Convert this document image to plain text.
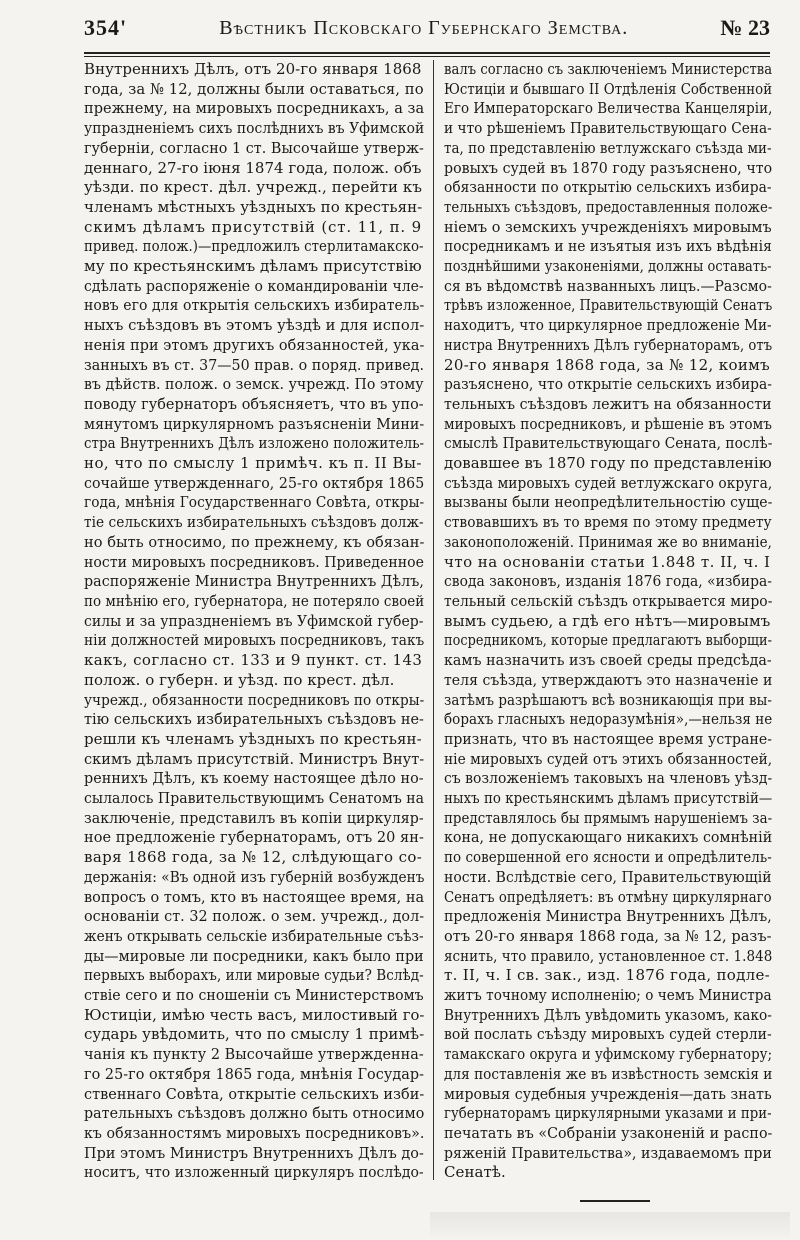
354'	Вѣстникъ Псковскаго Губернскаго Земства.	№ 23
Внутреннихъ Дѣлъ, отъ 20-го января 1868
года, за № 12, должны были оставаться, по
прежнему, на мировыхъ посредникахъ, а за
упраздненіемъ сихъ послѣднихъ въ Уфимской
губерніи, согласно 1 ст. Высочайше утверж-
деннаго, 27-го іюня 1874 года, полож. объ
уѣзди. по крест. дѣл. учрежд., перейти къ
членамъ мѣстныхъ уѣздныхъ по крестьян-
скимъ дѣламъ присутствій (ст. 11, п. 9
привед. полож.)—предложилъ стерлитамакско-
му по крестьянскимъ дѣламъ присутствію
сдѣлать распоряженіе о командированіи чле-
новъ его для открытія сельскихъ избиратель-
ныхъ съѣздовъ въ этомъ уѣздѣ и для испол-
ненія при этомъ другихъ обязанностей, ука-
занныхъ въ ст. 37—50 прав. о поряд. привед.
въ дѣйств. полож. о земск. учрежд. По этому
поводу губернаторъ объясняетъ, что въ упо-
мянутомъ циркулярномъ разъясненіи Мини-
стра Внутреннихъ Дѣлъ изложено положитель-
но, что по смыслу 1 примѣч. къ п. II Вы-
сочайше утвержденнаго, 25-го октября 1865
года, мнѣнія Государственнаго Совѣта, откры-
тіе сельскихъ избирательныхъ съѣздовъ долж-
но быть относимо, по прежнему, къ обязан-
ности мировыхъ посредниковъ. Приведенное
распоряженіе Министра Внутреннихъ Дѣлъ,
по мнѣнію его, губернатора, не потеряло своей
силы и за упраздненіемъ въ Уфимской губер-
ніи должностей мировыхъ посредниковъ, такъ
какъ, согласно ст. 133 и 9 пункт. ст. 143
полож. о губерн. и уѣзд. по крест. дѣл.
учрежд., обязанности посредниковъ по откры-
тію сельскихъ избирательныхъ съѣздовъ не-
решли къ членамъ уѣздныхъ по крестьян-
скимъ дѣламъ присутствій. Министръ Внут-
реннихъ Дѣлъ, къ коему настоящее дѣло но-
сылалось Правительствующимъ Сенатомъ на
заключеніе, представилъ въ копіи циркуляр-
ное предложеніе губернаторамъ, отъ 20 ян-
варя 1868 года, за № 12, слѣдующаго со-
держанія: «Въ одной изъ губерній возбужденъ
вопросъ о томъ, кто въ настоящее время, на
основаніи ст. 32 полож. о зем. учрежд., дол-
женъ открывать сельскіе избирательные съѣз-
ды—мировые ли посредники, какъ было при
первыхъ выборахъ, или мировые судьи? Вслѣд-
ствіе сего и по сношеніи съ Министерствомъ
Юстиціи, имѣю честь васъ, милостивый го-
сударь увѣдомить, что по смыслу 1 примѣ-
чанія къ пункту 2 Высочайше утвержденна-
го 25-го октября 1865 года, мнѣнія Государ-
ственнаго Совѣта, открытіе сельскихъ изби-
рательныхъ съѣздовъ должно быть относимо
къ обязанностямъ мировыхъ посредниковъ».
При этомъ Министръ Внутреннихъ Дѣлъ до-
носитъ, что изложенный циркуляръ послѣдо-
валъ согласно съ заключеніемъ Министерства
Юстиціи и бывшаго II Отдѣленія Собственной
Его Императорскаго Величества Канцеляріи,
и что рѣшеніемъ Правительствующаго Сена-
та, по представленію ветлужскаго съѣзда ми-
ровыхъ судей въ 1870 году разъяснено, что
обязанности по открытію сельскихъ избира-
тельныхъ съѣздовъ, предоставленныя положе-
ніемъ о земскихъ учрежденіяхъ мировымъ
посредникамъ и не изъятыя изъ ихъ вѣдѣнія
позднѣйшими узаконеніями, должны оставать-
ся въ вѣдомствѣ названныхъ лицъ.—Разсмо-
трѣвъ изложенное, Правительствующій Сенатъ
находитъ, что циркулярное предложеніе Ми-
нистра Внутреннихъ Дѣлъ губернаторамъ, отъ
20-го января 1868 года, за № 12, коимъ
разъяснено, что открытіе сельскихъ избира-
тельныхъ съѣздовъ лежитъ на обязанности
мировыхъ посредниковъ, и рѣшеніе въ этомъ
смыслѣ Правительствующаго Сената, послѣ-
довавшее въ 1870 году по представленію
съѣзда мировыхъ судей ветлужскаго округа,
вызваны были неопредѣлительностію суще-
ствовавшихъ въ то время по этому предмету
законоположеній. Принимая же во вниманіе,
что на основаніи статьи 1.848 т. II, ч. I
свода законовъ, изданія 1876 года, «избира-
тельный сельскій съѣздъ открывается миро-
вымъ судьею, а гдѣ его нѣтъ—мировымъ
посредникомъ, которые предлагаютъ выборщи-
камъ назначить изъ своей среды предсѣда-
теля съѣзда, утверждаютъ это назначеніе и
затѣмъ разрѣшаютъ всѣ возникающія при вы-
борахъ гласныхъ недоразумѣнія»,—нельзя не
признать, что въ настоящее время устране-
ніе мировыхъ судей отъ этихъ обязанностей,
съ возложеніемъ таковыхъ на членовъ уѣзд-
ныхъ по крестьянскимъ дѣламъ присутствій—
представлялось бы прямымъ нарушеніемъ за-
кона, не допускающаго никакихъ сомнѣній
по совершенной его ясности и опредѣлитель-
ности. Вслѣдствіе сего, Правительствующій
Сенатъ опредѣляетъ: въ отмѣну циркулярнаго
предложенія Министра Внутреннихъ Дѣлъ,
отъ 20-го января 1868 года, за № 12, разъ-
яснить, что правило, установленное ст. 1.848
т. II, ч. I св. зак., изд. 1876 года, подле-
житъ точному исполненію; о чемъ Министра
Внутреннихъ Дѣлъ увѣдомить указомъ, како-
вой послать съѣзду мировыхъ судей стерли-
тамакскаго округа и уфимскому губернатору;
для поставленія же въ извѣстность земскія и
мировыя судебныя учрежденія—дать знать
губернаторамъ циркулярными указами и при-
печатать въ «Собраніи узаконеній и распо-
ряженій Правительства», издаваемомъ при
Сенатѣ.
